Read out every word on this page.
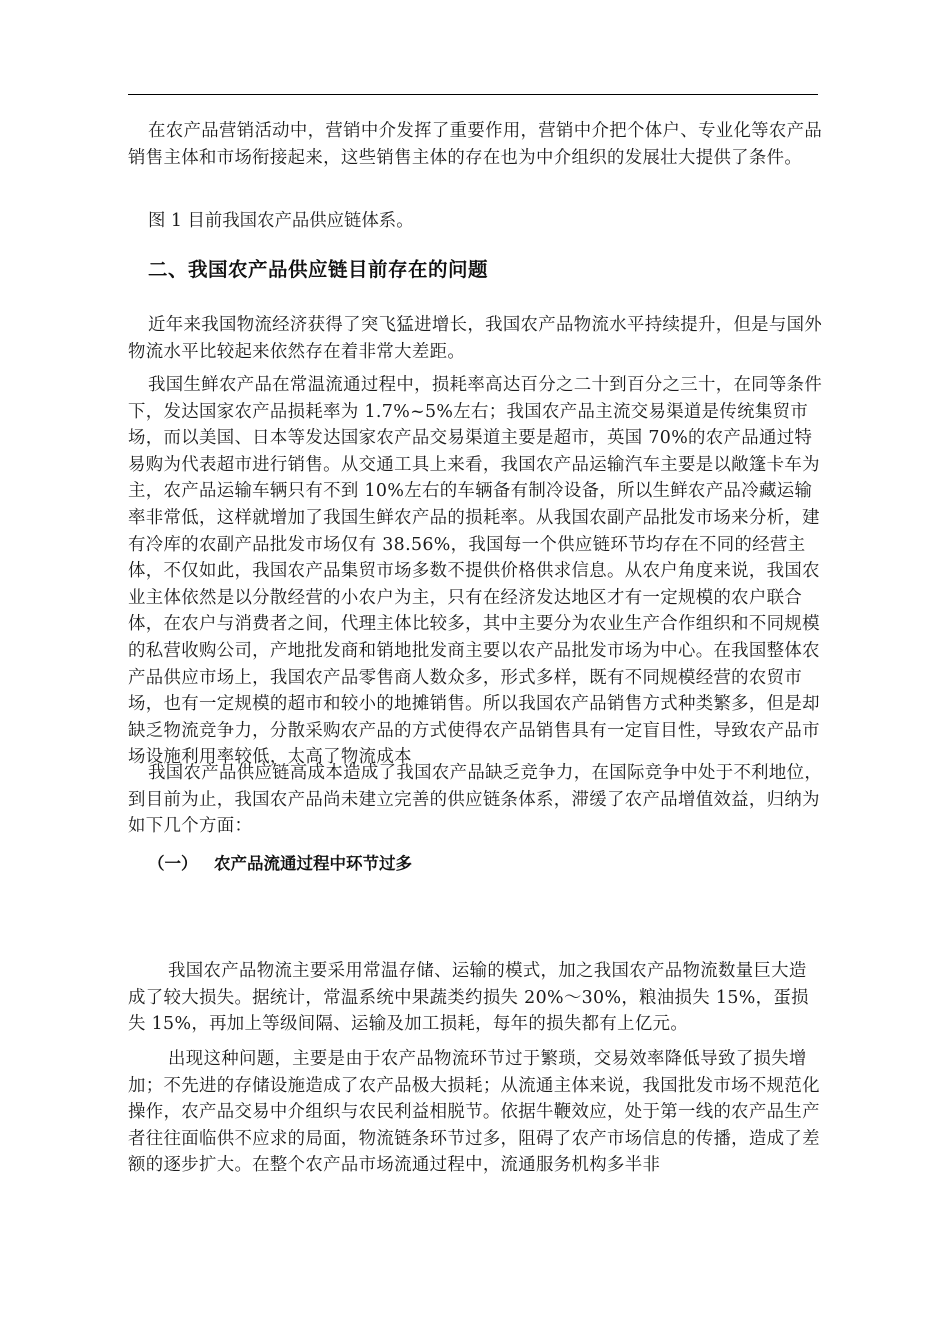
在农产品营销活动中，营销中介发挥了重要作用，营销中介把个体户、专业化等农产品销售主体和市场衔接起来，这些销售主体的存在也为中介组织的发展壮大提供了条件。

图 1 目前我国农产品供应链体系。

二、我国农产品供应链目前存在的问题

近年来我国物流经济获得了突飞猛进增长，我国农产品物流水平持续提升，但是与国外物流水平比较起来依然存在着非常大差距。

我国生鲜农产品在常温流通过程中，损耗率高达百分之二十到百分之三十，在同等条件下，发达国家农产品损耗率为 1.7%~5%左右；我国农产品主流交易渠道是传统集贸市场，而以美国、日本等发达国家农产品交易渠道主要是超市，英国 70%的农产品通过特易购为代表超市进行销售。从交通工具上来看，我国农产品运输汽车主要是以敞篷卡车为主，农产品运输车辆只有不到 10%左右的车辆备有制冷设备，所以生鲜农产品冷藏运输率非常低，这样就增加了我国生鲜农产品的损耗率。从我国农副产品批发市场来分析，建有冷库的农副产品批发市场仅有 38.56%，我国每一个供应链环节均存在不同的经营主体，不仅如此，我国农产品集贸市场多数不提供价格供求信息。从农户角度来说，我国农业主体依然是以分散经营的小农户为主，只有在经济发达地区才有一定规模的农户联合体，在农户与消费者之间，代理主体比较多，其中主要分为农业生产合作组织和不同规模的私营收购公司，产地批发商和销地批发商主要以农产品批发市场为中心。在我国整体农产品供应市场上，我国农产品零售商人数众多，形式多样，既有不同规模经营的农贸市场，也有一定规模的超市和较小的地摊销售。所以我国农产品销售方式种类繁多，但是却缺乏物流竞争力，分散采购农产品的方式使得农产品销售具有一定盲目性，导致农产品市场设施利用率较低，太高了物流成本

我国农产品供应链高成本造成了我国农产品缺乏竞争力，在国际竞争中处于不利地位，到目前为止，我国农产品尚未建立完善的供应链条体系，滞缓了农产品增值效益，归纳为如下几个方面：

（一） 农产品流通过程中环节过多

我国农产品物流主要采用常温存储、运输的模式，加之我国农产品物流数量巨大造成了较大损失。据统计，常温系统中果蔬类约损失 20%～30%，粮油损失 15%，蛋损失 15%，再加上等级间隔、运输及加工损耗，每年的损失都有上亿元。

出现这种问题，主要是由于农产品物流环节过于繁琐，交易效率降低导致了损失增加；不先进的存储设施造成了农产品极大损耗；从流通主体来说，我国批发市场不规范化操作，农产品交易中介组织与农民利益相脱节。依据牛鞭效应，处于第一线的农产品生产者往往面临供不应求的局面，物流链条环节过多，阻碍了农产市场信息的传播，造成了差额的逐步扩大。在整个农产品市场流通过程中，流通服务机构多半非
